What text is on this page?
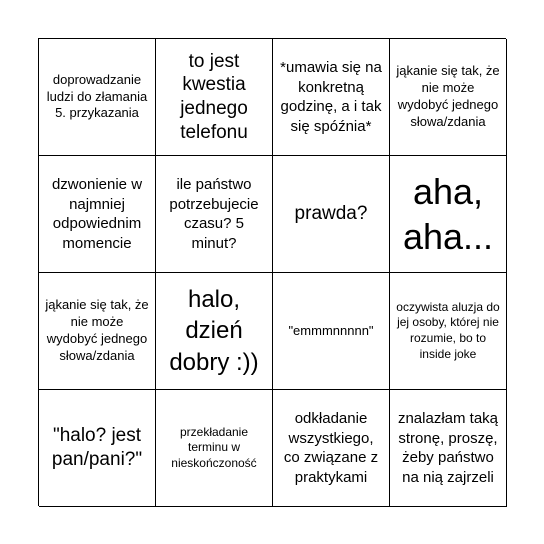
doprowadzanie ludzi do złamania 5. przykazania
to jest kwestia jednego telefonu
*umawia się na konkretną godzinę, a i tak się spóźnia*
jąkanie się tak, że nie może wydobyć jednego słowa/zdania
dzwonienie w najmniej odpowiednim momencie
ile państwo potrzebujecie czasu? 5 minut?
prawda?
aha, aha...
jąkanie się tak, że nie może wydobyć jednego słowa/zdania
halo, dzień dobry :))
"emmmnnnnn"
oczywista aluzja do jej osoby, której nie rozumie, bo to inside joke
"halo? jest pan/pani?"
przekładanie terminu w nieskończoność
odkładanie wszystkiego, co związane z praktykami
znalazłam taką stronę, proszę, żeby państwo na nią zajrzeli
